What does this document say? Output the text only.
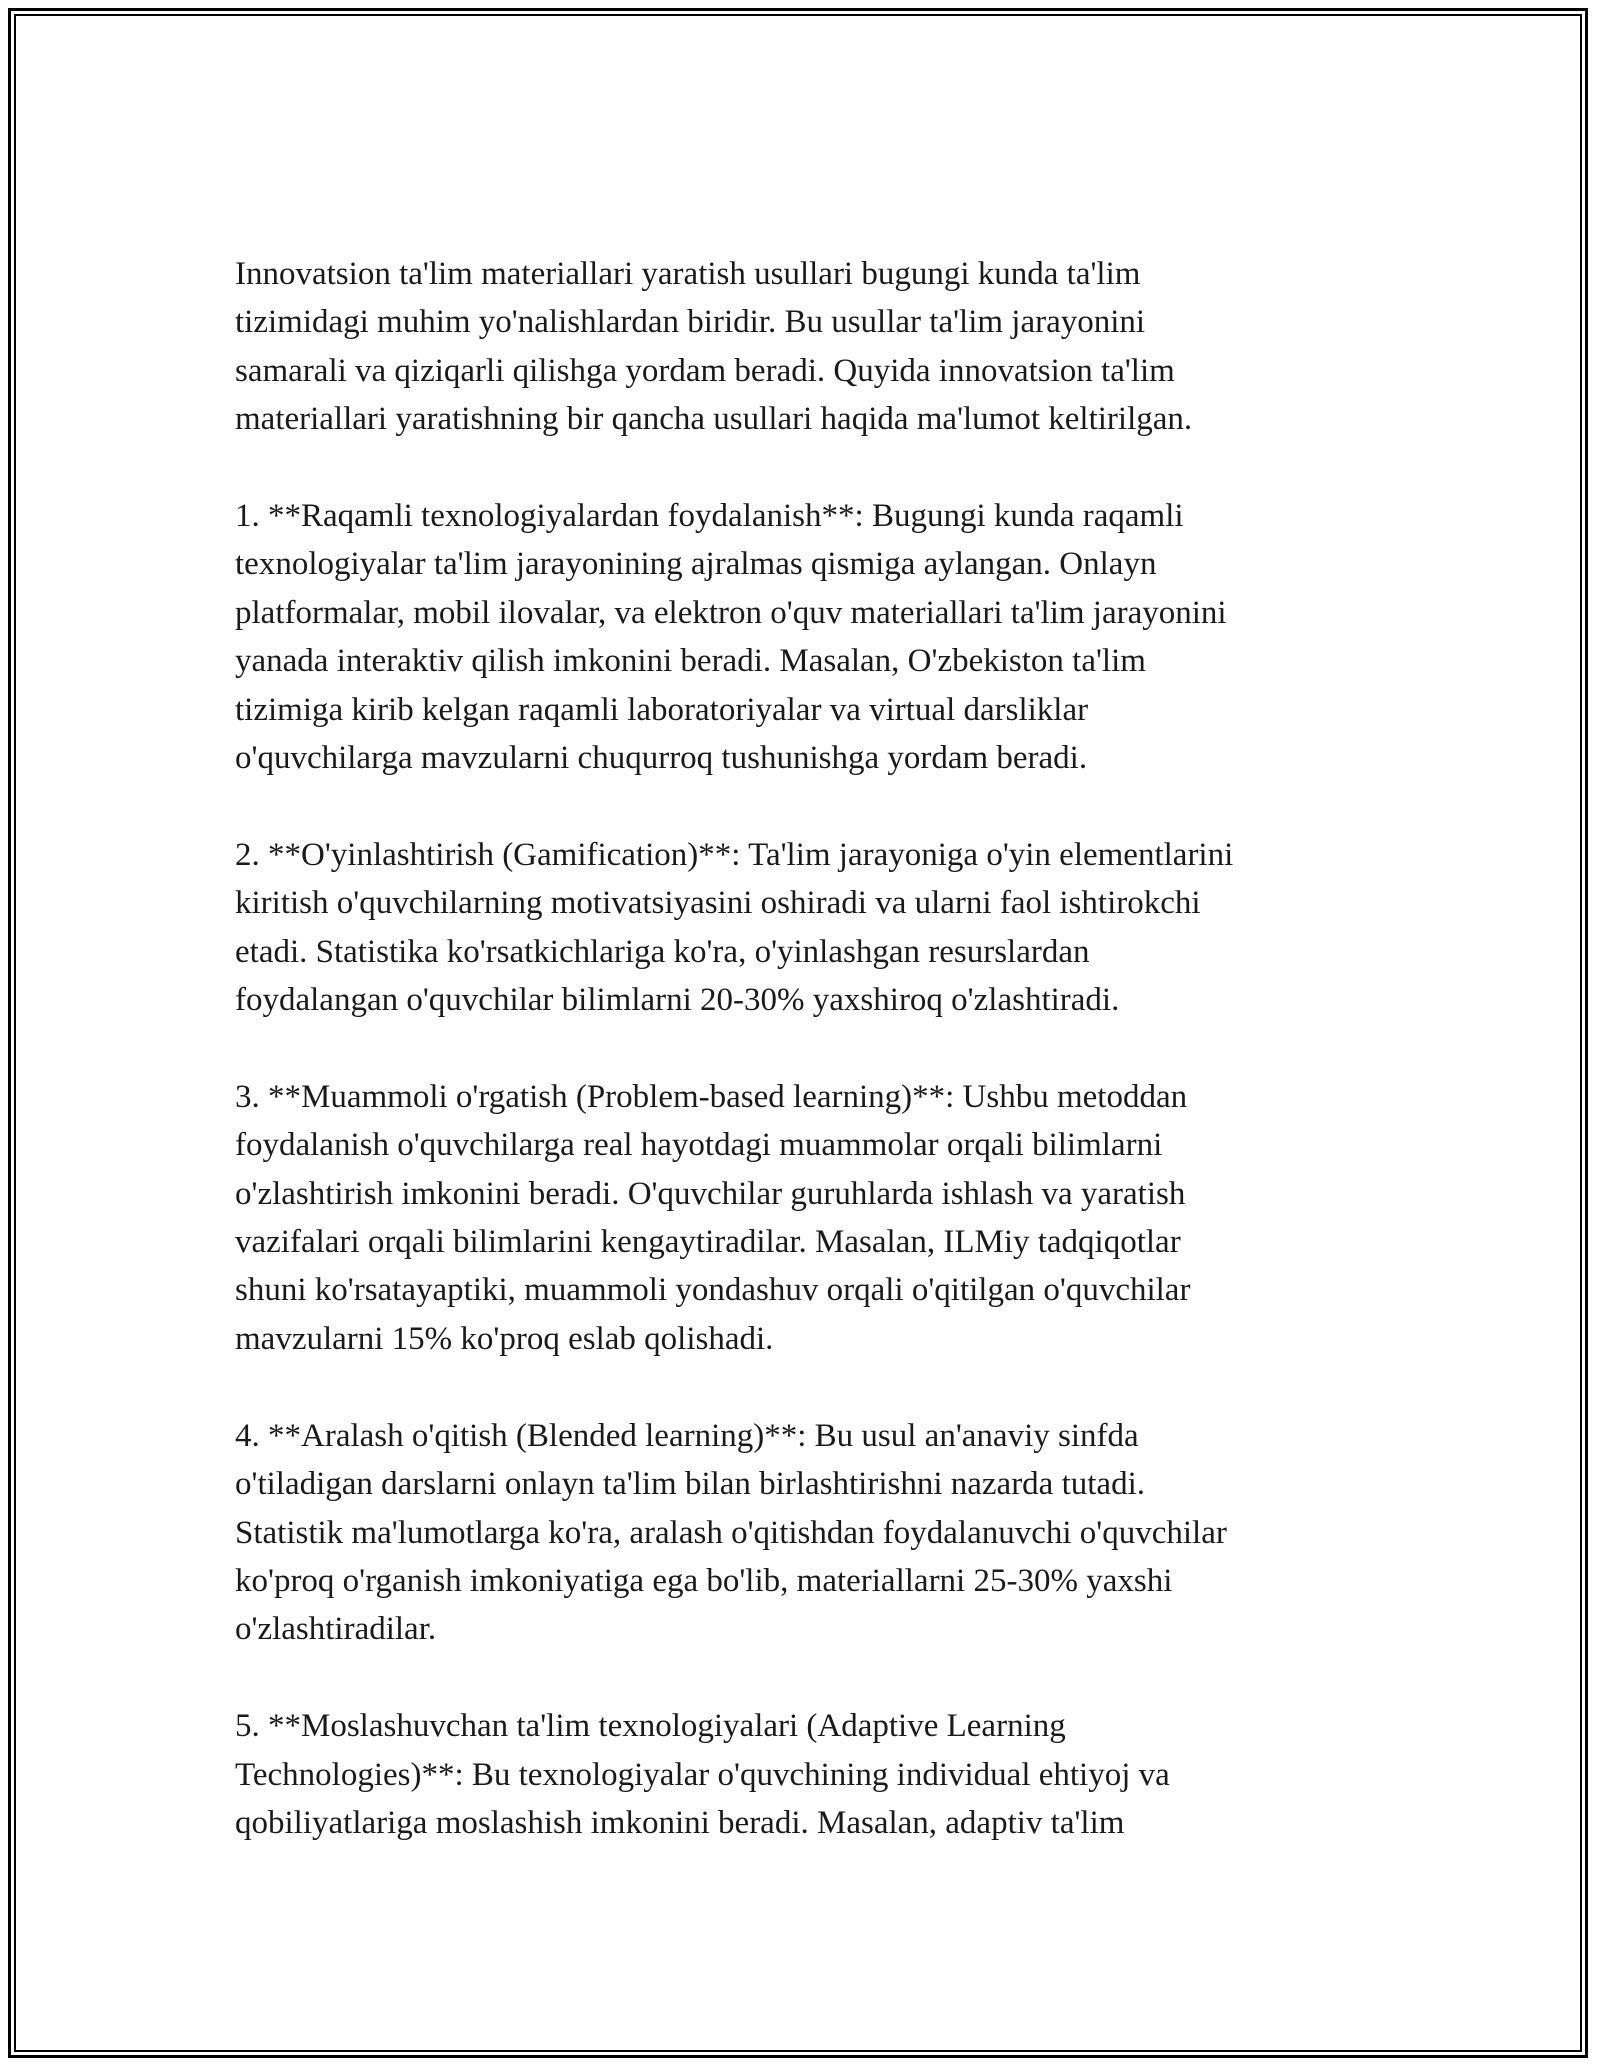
Innovatsion ta'lim materiallari yaratish usullari bugungi kunda ta'lim
tizimidagi muhim yo'nalishlardan biridir. Bu usullar ta'lim jarayonini
samarali va qiziqarli qilishga yordam beradi. Quyida innovatsion ta'lim
materiallari yaratishning bir qancha usullari haqida ma'lumot keltirilgan.

1. **Raqamli texnologiyalardan foydalanish**: Bugungi kunda raqamli
texnologiyalar ta'lim jarayonining ajralmas qismiga aylangan. Onlayn
platformalar, mobil ilovalar, va elektron o'quv materiallari ta'lim jarayonini
yanada interaktiv qilish imkonini beradi. Masalan, O'zbekiston ta'lim
tizimiga kirib kelgan raqamli laboratoriyalar va virtual darsliklar
o'quvchilarga mavzularni chuqurroq tushunishga yordam beradi.

2. **O'yinlashtirish (Gamification)**: Ta'lim jarayoniga o'yin elementlarini
kiritish o'quvchilarning motivatsiyasini oshiradi va ularni faol ishtirokchi
etadi. Statistika ko'rsatkichlariga ko'ra, o'yinlashgan resurslardan
foydalangan o'quvchilar bilimlarni 20-30% yaxshiroq o'zlashtiradi.

3. **Muammoli o'rgatish (Problem-based learning)**: Ushbu metoddan
foydalanish o'quvchilarga real hayotdagi muammolar orqali bilimlarni
o'zlashtirish imkonini beradi. O'quvchilar guruhlarda ishlash va yaratish
vazifalari orqali bilimlarini kengaytiradilar. Masalan, ILMiy tadqiqotlar
shuni ko'rsatayaptiki, muammoli yondashuv orqali o'qitilgan o'quvchilar
mavzularni 15% ko'proq eslab qolishadi.

4. **Aralash o'qitish (Blended learning)**: Bu usul an'anaviy sinfda
o'tiladigan darslarni onlayn ta'lim bilan birlashtirishni nazarda tutadi.
Statistik ma'lumotlarga ko'ra, aralash o'qitishdan foydalanuvchi o'quvchilar
ko'proq o'rganish imkoniyatiga ega bo'lib, materiallarni 25-30% yaxshi
o'zlashtiradilar.

5. **Moslashuvchan ta'lim texnologiyalari (Adaptive Learning
Technologies)**: Bu texnologiyalar o'quvchining individual ehtiyoj va
qobiliyatlariga moslashish imkonini beradi. Masalan, adaptiv ta'lim
